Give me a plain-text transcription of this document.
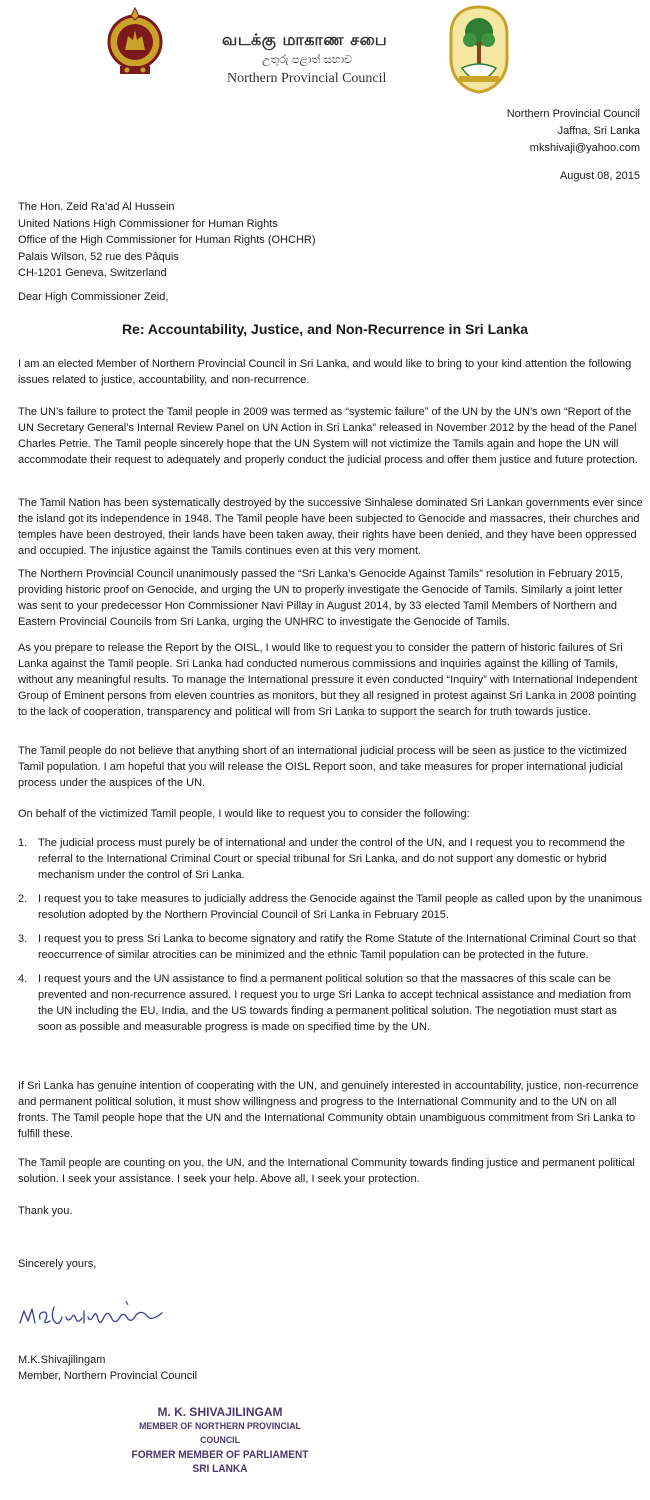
வடக்கு மாகாண சபை
උතුරු පළාත් සභාව
Northern Provincial Council
Northern Provincial Council
Jaffna, Sri Lanka
mkshivaji@yahoo.com
August 08, 2015
The Hon. Zeid Ra’ad Al Hussein
United Nations High Commissioner for Human Rights
Office of the High Commissioner for Human Rights (OHCHR)
Palais Wilson, 52 rue des Pâquis
CH-1201 Geneva, Switzerland
Dear High Commissioner Zeid,
Re: Accountability, Justice, and Non-Recurrence in Sri Lanka

I am an elected Member of Northern Provincial Council in Sri Lanka, and would like to bring to your kind attention the following issues related to justice, accountability, and non-recurrence.

The UN’s failure to protect the Tamil people in 2009 was termed as “systemic failure” of the UN by the UN’s own “Report of the UN Secretary General’s Internal Review Panel on UN Action in Sri Lanka” released in November 2012 by the head of the Panel Charles Petrie. The Tamil people sincerely hope that the UN System will not victimize the Tamils again and hope the UN will accommodate their request to adequately and properly conduct the judicial process and offer them justice and future protection.

The Tamil Nation has been systematically destroyed by the successive Sinhalese dominated Sri Lankan governments ever since the island got its independence in 1948. The Tamil people have been subjected to Genocide and massacres, their churches and temples have been destroyed, their lands have been taken away, their rights have been denied, and they have been oppressed and occupied. The injustice against the Tamils continues even at this very moment.

The Northern Provincial Council unanimously passed the “Sri Lanka’s Genocide Against Tamils” resolution in February 2015, providing historic proof on Genocide, and urging the UN to properly investigate the Genocide of Tamils. Similarly a joint letter was sent to your predecessor Hon Commissioner Navi Pillay in August 2014, by 33 elected Tamil Members of Northern and Eastern Provincial Councils from Sri Lanka, urging the UNHRC to investigate the Genocide of Tamils.

As you prepare to release the Report by the OISL, I would like to request you to consider the pattern of historic failures of Sri Lanka against the Tamil people. Sri Lanka had conducted numerous commissions and inquiries against the killing of Tamils, without any meaningful results. To manage the International pressure it even conducted “Inquiry” with International Independent Group of Eminent persons from eleven countries as monitors, but they all resigned in protest against Sri Lanka in 2008 pointing to the lack of cooperation, transparency and political will from Sri Lanka to support the search for truth towards justice.

The Tamil people do not believe that anything short of an international judicial process will be seen as justice to the victimized Tamil population. I am hopeful that you will release the OISL Report soon, and take measures for proper international judicial process under the auspices of the UN.

On behalf of the victimized Tamil people, I would like to request you to consider the following:

1. The judicial process must purely be of international and under the control of the UN, and I request you to recommend the referral to the International Criminal Court or special tribunal for Sri Lanka, and do not support any domestic or hybrid mechanism under the control of Sri Lanka.
2. I request you to take measures to judicially address the Genocide against the Tamil people as called upon by the unanimous resolution adopted by the Northern Provincial Council of Sri Lanka in February 2015.
3. I request you to press Sri Lanka to become signatory and ratify the Rome Statute of the International Criminal Court so that reoccurrence of similar atrocities can be minimized and the ethnic Tamil population can be protected in the future.
4. I request yours and the UN assistance to find a permanent political solution so that the massacres of this scale can be prevented and non-recurrence assured. I request you to urge Sri Lanka to accept technical assistance and mediation from the UN including the EU, India, and the US towards finding a permanent political solution. The negotiation must start as soon as possible and measurable progress is made on specified time by the UN.

If Sri Lanka has genuine intention of cooperating with the UN, and genuinely interested in accountability, justice, non-recurrence and permanent political solution, it must show willingness and progress to the International Community and to the UN on all fronts. The Tamil people hope that the UN and the International Community obtain unambiguous commitment from Sri Lanka to fulfill these.

The Tamil people are counting on you, the UN, and the International Community towards finding justice and permanent political solution. I seek your assistance. I seek your help. Above all, I seek your protection.

Thank you.

Sincerely yours,

M.K.Shivajilingam
Member, Northern Provincial Council
M. K. SHIVAJILINGAM
MEMBER OF NORTHERN PROVINCIAL COUNCIL
FORMER MEMBER OF PARLIAMENT
SRI LANKA
